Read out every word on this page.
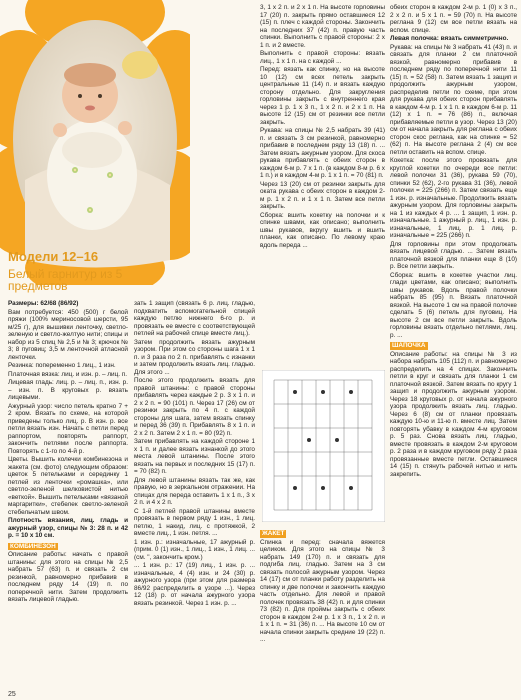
Модели 12–16
Белый гарнитур из 5 предметов

Размеры: 62/68 (86/92)

Вам потребуется: 450 (500) г белой пряжи (100% мериносовой шерсти, 95 м/25 г), для вышивки ленточку, светло-зеленую и светло-желтую нити; спицы и набор из 5 спиц № 2,5 и № 3; крючок № 3; 8 пуговиц; 3,5 м ленточной атласной ленточки.

Резинка: попеременно 1 лиц., 1 изн.

Платочная вязка: лиц. и изн. р. – лиц. п.

Лицевая гладь: лиц. р. – лиц. п., изн. р. – изн. п. В круговых р. вязать лицевыми.

Ажурный узор: число петель кратно 7 + 2 кром. Вязать по схеме, на которой приведены только лиц. р. В изн. р. все петли вязать изн. Начать с петли перед раппортом, повторять раппорт, закончить петлями после раппорта. Повторять с 1-го по 4-й р.

Цветы. Вышить колечки комбинезона и жакета (см. фото) следующим образом: цветок 5 петельками и серединку 1 петлей из ленточки «ромашка», или светло-зеленой шелковистой нитью «веткой». Вышить петельками «вязаной маргаритки», стебелек светло-зеленой стебельчатым швом.

Плотность вязания, лиц. гладь и ажурный узор, спицы № 3: 28 п. и 42 р. = 10 х 10 см.

КОМБИНЕЗОН

Описание работы: начать с правой штанины: для этого на спицы № 2,5 набрать 57 (63) п. и связать 2 см резинкой, равномерно прибавив в последнем ряду 14 (19) п. по поперечной нити. Затем продолжить вязать лицевой гладью.

зать 1 защип (связать 6 р. лиц. гладью, подхватить вспомогательной спицей каждую петлю нижнего 6-го р. и провязать ее вместе с соответствующей петлей на рабочей спице вместе лиц.).

Затем продолжить вязать ажурным узором. При этом со стороны шага 1 х 1 п. и 3 раза по 2 п. прибавлять с изнанки и затем продолжить вязать лиц. гладью. Для этого ...

После этого продолжить вязать для правой штанины: с правой стороны прибавлять через каждые 2 р. 3 х 1 п. и 2 х 2 п. = 90 (101) п. Через 17 (26) см от резинки закрыть по 4 п. с каждой стороны для шага, затем вязать спинку и перед 36 (39) п. Прибавлять 8 х 1 п. и 2 х 2 п. Затем 2 х 1 п. = 80 (92) п.

Затем прибавлять на каждой стороне 1 х 1 п. и далее вязать изнанкой до этого места левой штанины. После этого вязать на первых и последних 15 (17) п. = 70 (82) п.

Для левой штанины вязать так же, как правую, но в зеркальном отражении. На спицах для переда оставить 1 х 1 п., 3 х 2 п. и 4 х 2 п.

С 1-й петлей правой штанины вместе провязать в первом ряду 1 изн., 1 лиц. петлю, 1 накид, лиц. с протяжкой, 2 вместе лиц., 1 изн. петля. ...

1 изн. р.: изначальные, 17 ажурный р. (прим. 0 (1) изн., 1 лиц., 1 изн., 1 лиц. ... (см. ", закончить кром.)

... 1 изн. р.: 17 (19) лиц., 1 изн. р. ... изначальные, 4 (4) изн. и 24 (30) р. ажурного узора (при этом для размера 86/92 распределить в узоре ...). Через 12 (18) р. от начала ажурного узора вязать резинкой. Через 1 изн. р. ...

3, 1 х 2 п. и 2 х 1 п. На высоте горловины 17 (20) п. закрыть прямо оставшиеся 12 (15) п. плеч с каждой стороны. Закончить на последних 37 (42) п. правую часть спинки. Выполнить с правой стороны: 2 х 1 п. и 2 вместе.

Выполнить с правой стороны: вязать лиц., 1 х 1 п. на с каждой ...

Перед: вязать как спинку, но на высоте 10 (12) см всех петель закрыть центральные 11 (14) п. и вязать каждую сторону отдельно. Для закругления горловины закрыть с внутреннего края через 1 р. 1 х 3 п., 1 х 2 п. и 2 х 1 п. На высоте 12 (15) см от резинки все петли закрыть.

Рукава: на спицы № 2,5 набрать 39 (41) п. и связать 3 см резинкой, равномерно прибавив в последнем ряду 13 (18) п. ... Затем вязать ажурным узором. Для скоса рукава прибавлять с обеих сторон в каждом 6-м р. 7 х 1 п. (в каждом 8-м р. 6 х 1 п.) и в каждом 4-м р. 1 х 1 п. = 70 (81) п.

Через 13 (20) см от резинки закрыть для оката рукава с обеих сторон в каждом 2-м р. 1 х 2 п. и 1 х 1 п. Затем все петли закрыть.

Сборка: вшить кокетку на полочки и к спинке швами, как описано; выполнить швы рукавов, вкругу вшить и вшить планки, как описано. По левому краю вдоль переда ...

ЖАКЕТ

Спинка и перед: сначала вяжется целиком. Для этого на спицы № 3 набрать 149 (170) п. и связать для подгиба лиц. гладью. Затем на 3 см связать полосой ажурным узором. Через 14 (17) см от планки работу разделить на спинку и две полочки и закончить каждую часть отдельно. Для левой и правой полочек провязать 38 (42) п. и для спинки 73 (82) п. Для проймы закрыть с обеих сторон в каждом 2-м р. 1 х 3 п., 1 х 2 п. и 1 х 1 п. = 31 (36) п. ... На высоте 10 см от начала спинки закрыть средние 19 (22) п. ...

обеих сторон в каждом 2-м р. 1 (0) х 3 п., 2 х 2 п. и 5 х 1 п. = 59 (70) п. На высоте реглана 9 (12) см все петли вязать на вспом. спице.

Левая полочка: вязать симметрично.

Рукава: на спицы № 3 набрать 41 (43) п. и связать для планки 2 см платочной вязкой, равномерно прибавив в последнем ряду по поперечной нити 11 (15) п. = 52 (58) п. Затем вязать 1 защип и продолжить ажурным узором, распределив петли по схеме, при этом для рукава для обеих сторон прибавлять в каждом 4-м р. 1 х 1 п. в каждом 6-м р. 11 (12) х 1 п. = 76 (86) п., включая прибавляемые петли в узор. Через 13 (20) см от начала закрыть для реглана с обеих сторон скос реглана, как на спинке = 52 (62) п. На высоте реглана 2 (4) см все петли оставить на вспом. спице.

Кокетка: после этого провязать для круглой кокетки по очереди все петли: левой полочки 31 (36), рукава 59 (70), спинки 52 (62), 2-го рукава 31 (36), левой полочки = 225 (266) п. Затем связать еще 1 изн. р. изначальные. Продолжить вязать ажурным узором. Для горловины закрыть на 1 из каждых 4 р. ... 1 защип, 1 изн. р. изначальные. 1 ажурный р. лиц., 1 изн. р. изначальные, 1 лиц. р. 1 лиц. р. изначальные = 225 (266) п.

Для горловины при этом продолжать вязать лицевой гладью. ... Затем вязать платочной вязкой для планки еще 8 (10) р. Все петли закрыть.

Сборка: вшить в кокетке участки лиц. глади цветами, как описано; выполнить швы рукавов. Вдоль правой полочки набрать 85 (95) п. Вязать платочной вязкой. На высоте 1 см на правой полочке сделать 5 (6) петель для пуговиц. На высоте 2 см все петли закрыть. Вдоль горловины вязать отдельно петлями, лиц. р. ...

ШАПОЧКА

Описание работы: на спицы № 3 из набора набрать 105 (112) п. и равномерно распределить на 4 спицах. Закончить петли в круг и связать для планки 1 см платочной вязкой. Затем вязать по кругу 1 защип и продолжить ажурным узором. Через 18 круговых р. от начала ажурного узора продолжить вязать лиц. гладью. Через 6 (8) см от планки провязать каждую 10-ю и 11-ю п. вместе лиц. Затем повторять убавку в каждом 4-м круговом р. 5 раз. Снова вязать лиц. гладью, вместе провязать в каждом 2-м круговом р. 2 раза и в каждом круговом ряду 2 раза провязанные вместе петли. Оставшиеся 14 (15) п. стянуть рабочей нитью и нить закрепить.

25
